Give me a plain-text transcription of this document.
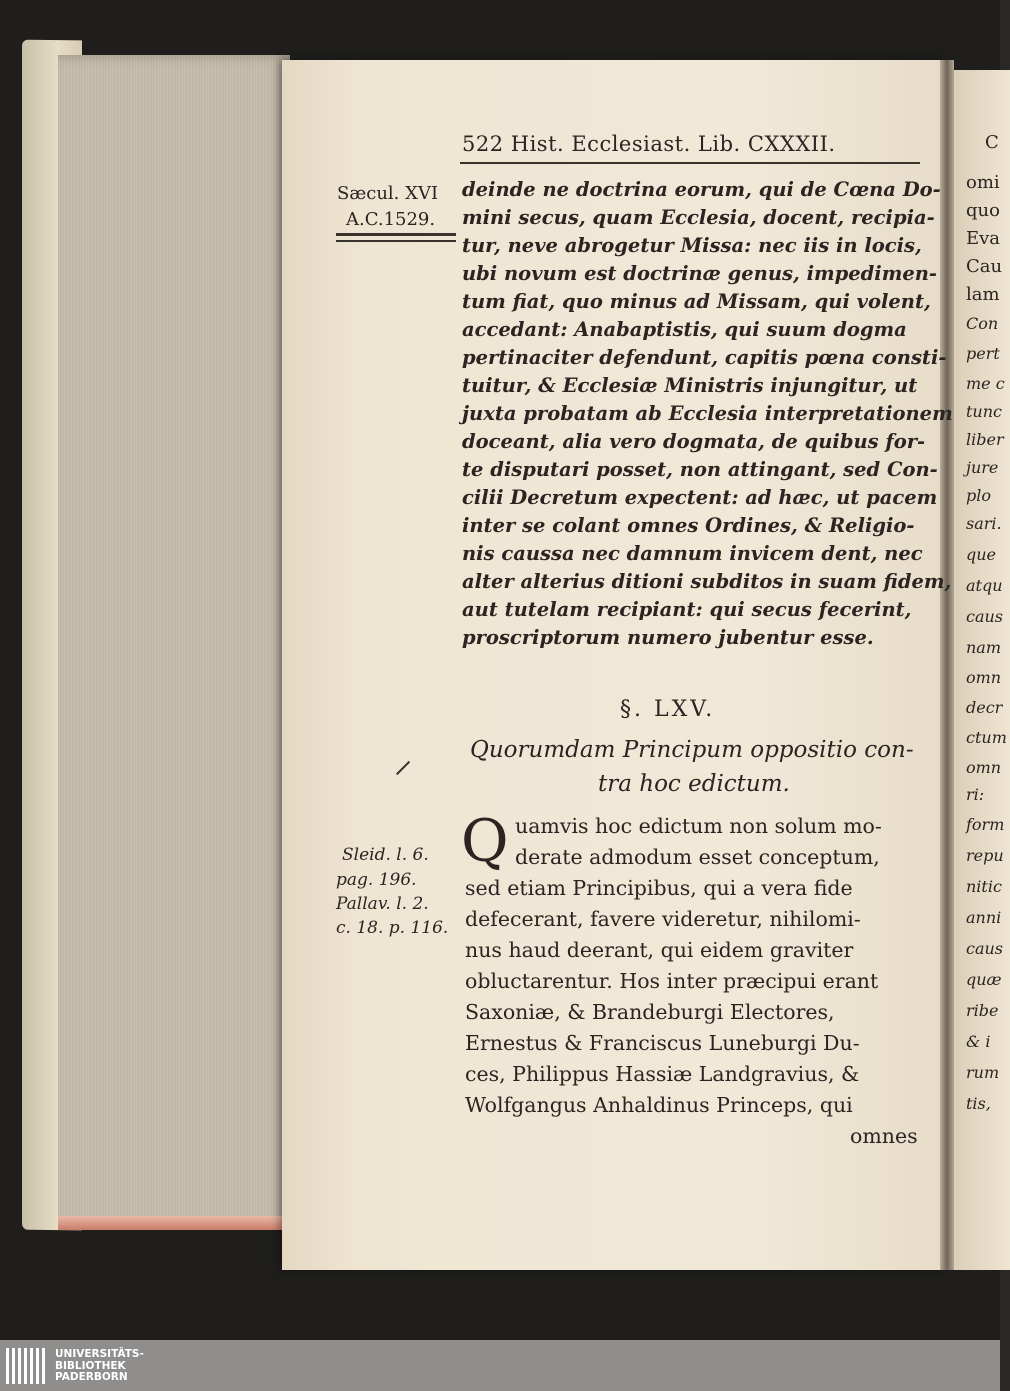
522 Hist. Ecclesiast. Lib. CXXXII.
Sæcul. XVI
A.C.1529.
deinde ne doctrina eorum, qui de Cœna Do-
mini secus, quam Ecclesia, docent, recipia-
tur, neve abrogetur Missa: nec iis in locis,
ubi novum est doctrinæ genus, impedimen-
tum fiat, quo minus ad Missam, qui volent,
accedant: Anabaptistis, qui suum dogma
pertinaciter defendunt, capitis pœna consti-
tuitur, & Ecclesiæ Ministris injungitur, ut
juxta probatam ab Ecclesia interpretationem
doceant, alia vero dogmata, de quibus for-
te disputari posset, non attingant, sed Con-
cilii Decretum expectent: ad hæc, ut pacem
inter se colant omnes Ordines, & Religio-
nis caussa nec damnum invicem dent, nec
alter alterius ditioni subditos in suam fidem,
aut tutelam recipiant: qui secus fecerint,
proscriptorum numero jubentur esse.
§. LXV.
Quorumdam Principum oppositio con-
tra hoc edictum.
Sleid. l. 6.
pag. 196.
Pallav. l. 2.
c. 18. p. 116.
Q uamvis hoc edictum non solum mo-
derate admodum esset conceptum,
sed etiam Principibus, qui a vera fide
defecerant, favere videretur, nihilomi-
nus haud deerant, qui eidem graviter
obluctarentur. Hos inter præcipui erant
Saxoniæ, & Brandeburgi Electores,
Ernestus & Franciscus Luneburgi Du-
ces, Philippus Hassiæ Landgravius, &
Wolfgangus Anhaldinus Princeps, qui
omnes
C
omi
quo
Eva
Cau
lam
Con
pert
me c
tunc
liber
jure
plo
sari.
que
atqu
caus
nam
omn
decr
ctum
omn
ri:
form
repu
nitic
anni
caus
quæ
ribe
& i
rum
tis,
UNIVERSITÄTS-
BIBLIOTHEK
PADERBORN
